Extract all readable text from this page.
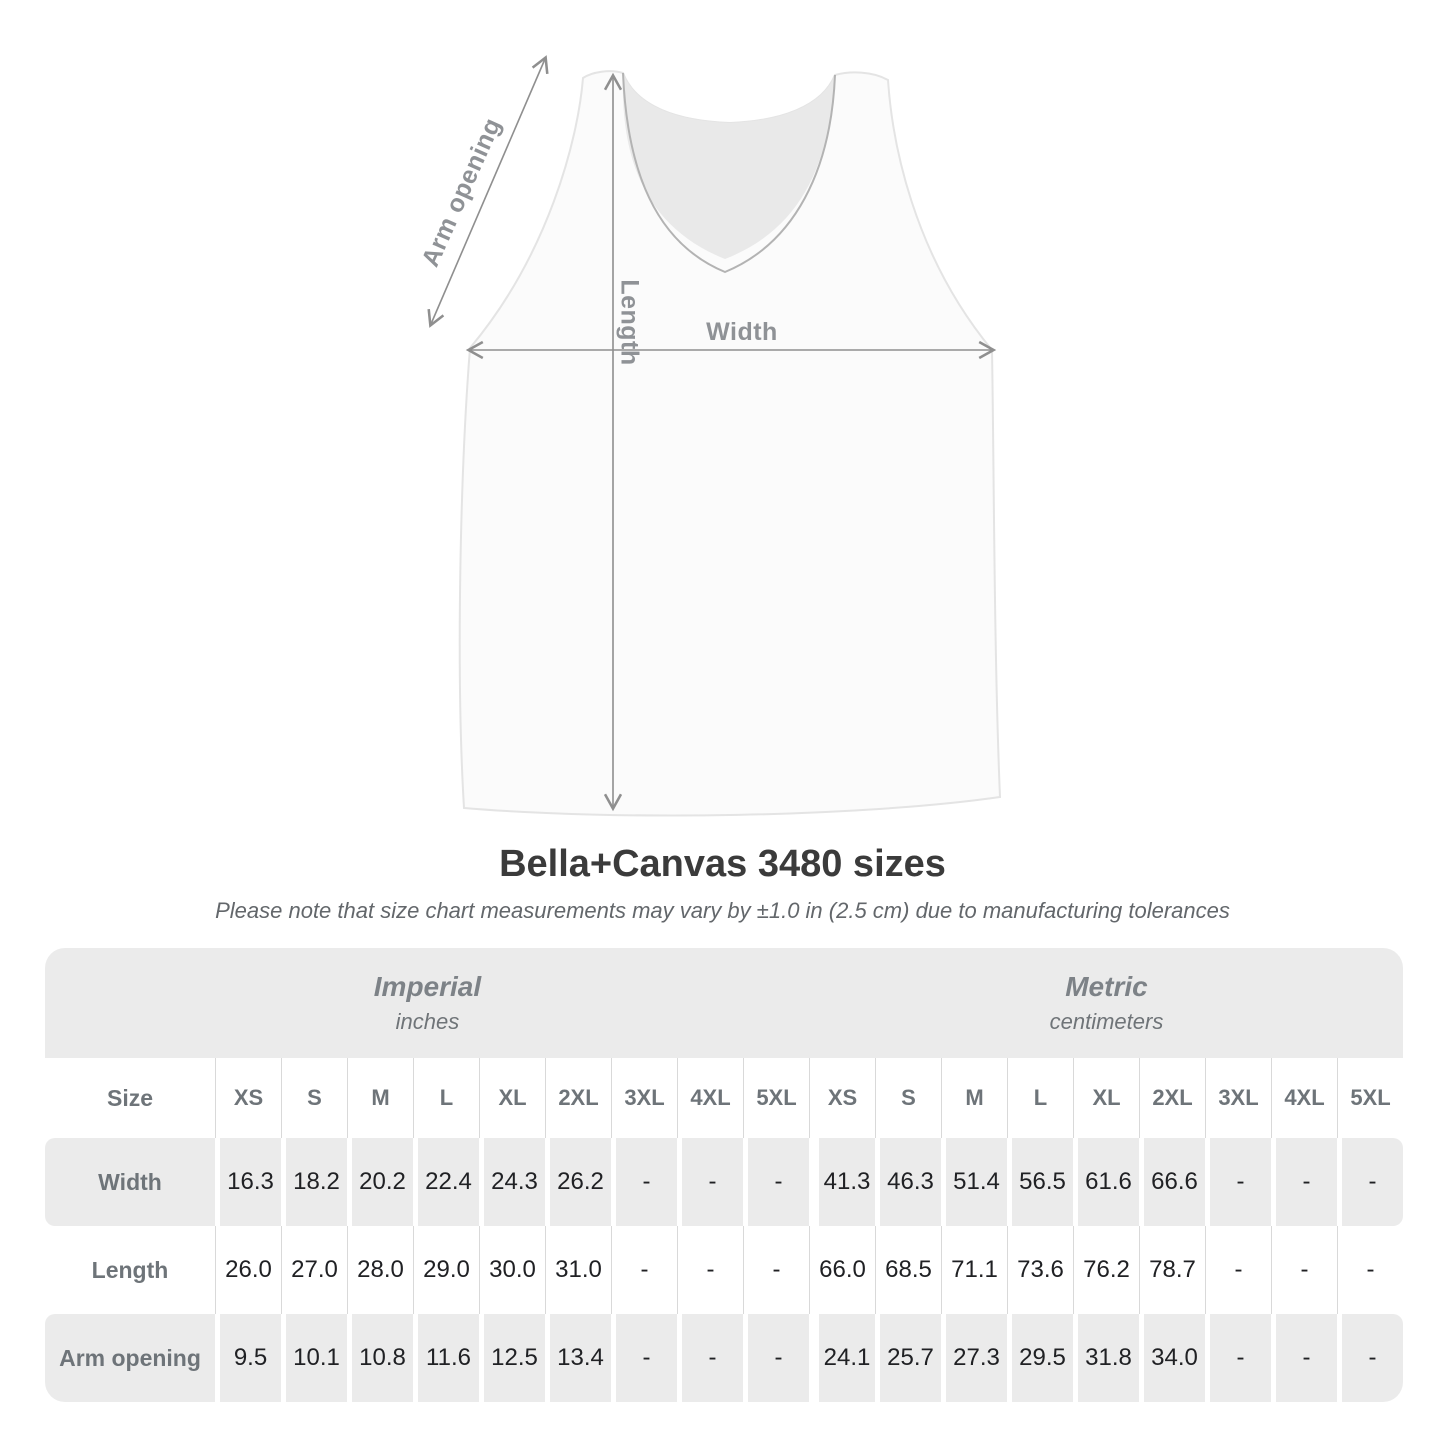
Arm opening
Length	Width
Bella+Canvas 3480 sizes

Please note that size chart measurements may vary by ±1.0 in (2.5 cm) due to manufacturing tolerances

Imperial
inches
Metric
centimeters
Size	XS	S	M	L	XL	2XL	3XL	4XL	5XL	XS	S	M	L	XL	2XL	3XL	4XL	5XL
Width	16.3 18.2 20.2 22.4 24.3 26.2	-	-	-	41.3 46.3 51.4 56.5 61.6 66.6	-	-	-
Length	26.0 27.0 28.0 29.0 30.0 31.0	-	-	-	66.0 68.5 71.1 73.6 76.2 78.7	-	-	-
Arm opening	9.5	10.1 10.8 11.6 12.5 13.4	-	-	-	24.1 25.7 27.3 29.5 31.8 34.0	-	-	-
